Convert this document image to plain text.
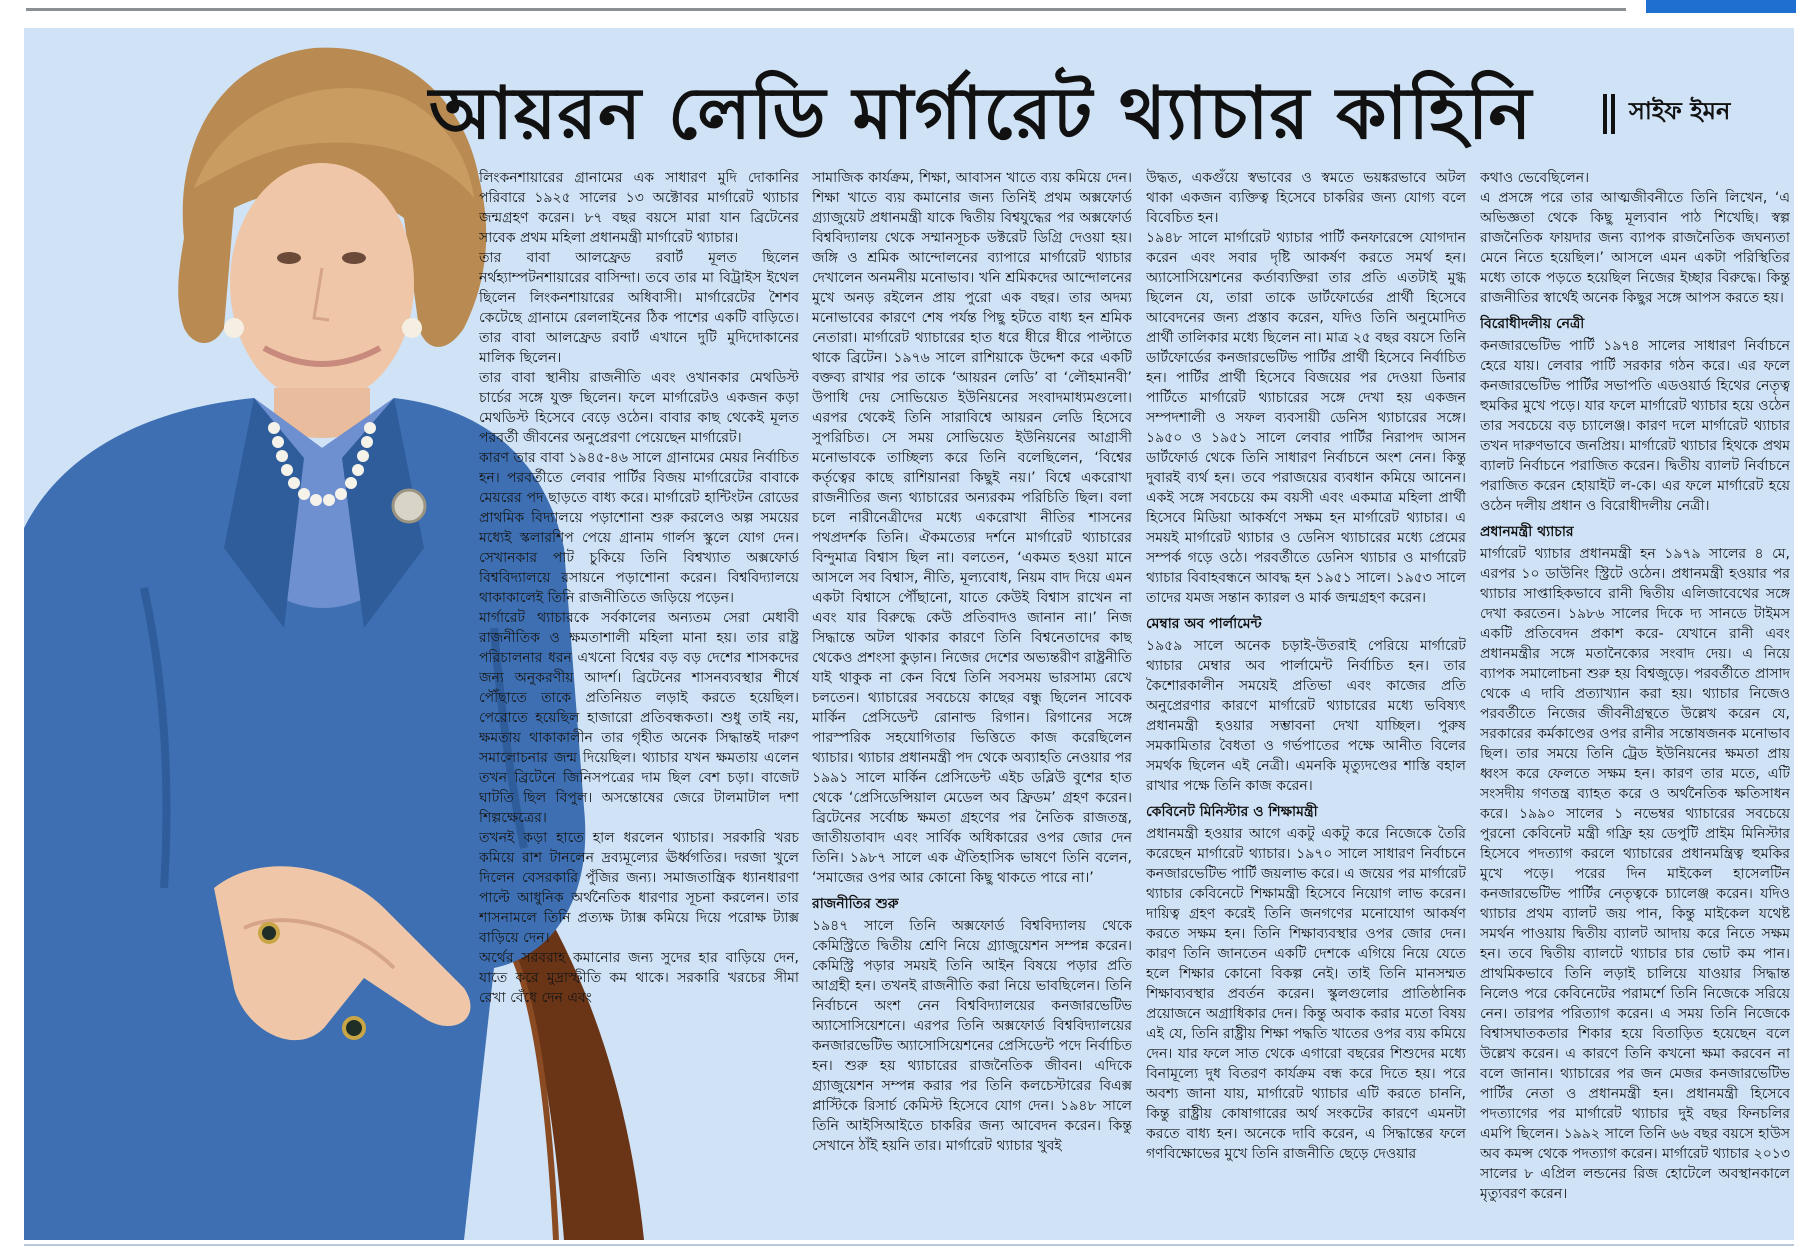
আয়রন লেডি মার্গারেট থ্যাচার কাহিনি	সাইফ ইমন

লিংকনশায়ারের গ্রানামের এক সাধারণ মুদি দোকানির পরিবারে ১৯২৫ সালের ১৩ অক্টোবর মার্গারেট থ্যাচার জন্মগ্রহণ করেন। ৮৭ বছর বয়সে মারা যান ব্রিটেনের সাবেক প্রথম মহিলা প্রধানমন্ত্রী মার্গারেট থ্যাচার।

তার বাবা আলফ্রেড রবার্ট মূলত ছিলেন নর্থহ্যাম্পটনশায়ারের বাসিন্দা। তবে তার মা বিট্রাইস ইথেল ছিলেন লিংকনশায়ারের অধিবাসী। মার্গারেটের শৈশব কেটেছে গ্রানামে রেললাইনের ঠিক পাশের একটি বাড়িতে। তার বাবা আলফ্রেড রবার্ট এখানে দুটি মুদিদোকানের মালিক ছিলেন।

তার বাবা স্থানীয় রাজনীতি এবং ওখানকার মেথডিস্ট চার্চের সঙ্গে যুক্ত ছিলেন। ফলে মার্গারেটও একজন কড়া মেথডিস্ট হিসেবে বেড়ে ওঠেন। বাবার কাছ থেকেই মূলত পরবর্তী জীবনের অনুপ্রেরণা পেয়েছেন মার্গারেট।

কারণ তার বাবা ১৯৪৫-৪৬ সালে গ্রানামের মেয়র নির্বাচিত হন। পরবর্তীতে লেবার পার্টির বিজয় মার্গারেটের বাবাকে মেয়রের পদ ছাড়তে বাধ্য করে। মার্গারেট হান্টিংটন রোডের প্রাথমিক বিদ্যালয়ে পড়াশোনা শুরু করলেও অল্প সময়ের মধ্যেই স্কলারশিপ পেয়ে গ্রানাম গার্লস স্কুলে যোগ দেন। সেখানকার পাট চুকিয়ে তিনি বিশ্বখ্যাত অক্সফোর্ড বিশ্ববিদ্যালয়ে রসায়নে পড়াশোনা করেন। বিশ্ববিদ্যালয়ে থাকাকালেই তিনি রাজনীতিতে জড়িয়ে পড়েন।

মার্গারেট থ্যাচারকে সর্বকালের অন্যতম সেরা মেধাবী রাজনীতিক ও ক্ষমতাশালী মহিলা মানা হয়। তার রাষ্ট্র পরিচালনার ধরন এখনো বিশ্বের বড় বড় দেশের শাসকদের জন্য অনুকরণীয় আদর্শ। ব্রিটেনের শাসনব্যবস্থার শীর্ষে পৌঁছাতে তাকে প্রতিনিয়ত লড়াই করতে হয়েছিল। পেরোতে হয়েছিল হাজারো প্রতিবন্ধকতা। শুধু তাই নয়, ক্ষমতায় থাকাকালীন তার গৃহীত অনেক সিদ্ধান্তই দারুণ সমালোচনার জন্ম দিয়েছিল। থ্যাচার যখন ক্ষমতায় এলেন তখন ব্রিটেনে জিনিসপত্রের দাম ছিল বেশ চড়া। বাজেট ঘাটতি ছিল বিপুল। অসন্তোষের জেরে টালমাটাল দশা শিল্পক্ষেত্রের।

তখনই কড়া হাতে হাল ধরলেন থ্যাচার। সরকারি খরচ কমিয়ে রাশ টানলেন দ্রব্যমূল্যের ঊর্ধ্বগতির। দরজা খুলে দিলেন বেসরকারি পুঁজির জন্য। সমাজতান্ত্রিক ধ্যানধারণা পাল্টে আধুনিক অর্থনৈতিক ধারণার সূচনা করলেন। তার শাসনামলে তিনি প্রত্যক্ষ ট্যাক্স কমিয়ে দিয়ে পরোক্ষ ট্যাক্স বাড়িয়ে দেন।

অর্থের সরবরাহ কমানোর জন্য সুদের হার বাড়িয়ে দেন, যাতে করে মুদ্রাস্ফীতি কম থাকে। সরকারি খরচের সীমা রেখা বেঁধে দেন এবং

সামাজিক কার্যক্রম, শিক্ষা, আবাসন খাতে ব্যয় কমিয়ে দেন। শিক্ষা খাতে ব্যয় কমানোর জন্য তিনিই প্রথম অক্সফোর্ড গ্র্যাজুয়েট প্রধানমন্ত্রী যাকে দ্বিতীয় বিশ্বযুদ্ধের পর অক্সফোর্ড বিশ্ববিদ্যালয় থেকে সম্মানসূচক ডক্টরেট ডিগ্রি দেওয়া হয়। জঙ্গি ও শ্রমিক আন্দোলনের ব্যাপারে মার্গারেট থ্যাচার দেখালেন অনমনীয় মনোভাব। খনি শ্রমিকদের আন্দোলনের মুখে অনড় রইলেন প্রায় পুরো এক বছর। তার অদম্য মনোভাবের কারণে শেষ পর্যন্ত পিছু হটতে বাধ্য হন শ্রমিক নেতারা। মার্গারেট থ্যাচারের হাত ধরে ধীরে ধীরে পাল্টাতে থাকে ব্রিটেন। ১৯৭৬ সালে রাশিয়াকে উদ্দেশ করে একটি বক্তব্য রাখার পর তাকে ‘আয়রন লেডি’ বা ‘লৌহমানবী’ উপাধি দেয় সোভিয়েত ইউনিয়নের সংবাদমাধ্যমগুলো। এরপর থেকেই তিনি সারাবিশ্বে আয়রন লেডি হিসেবে সুপরিচিত। সে সময় সোভিয়েত ইউনিয়নের আগ্রাসী মনোভাবকে তাচ্ছিল্য করে তিনি বলেছিলেন, ‘বিশ্বের কর্তৃত্বের কাছে রাশিয়ানরা কিছুই নয়।’ বিশ্বে একরোখা রাজনীতির জন্য থ্যাচারের অন্যরকম পরিচিতি ছিল। বলা চলে নারীনেত্রীদের মধ্যে একরোখা নীতির শাসনের পথপ্রদর্শক তিনি। ঐকমত্যের দর্শনে মার্গারেট থ্যাচারের বিন্দুমাত্র বিশ্বাস ছিল না। বলতেন, ‘একমত হওয়া মানে আসলে সব বিশ্বাস, নীতি, মূল্যবোধ, নিয়ম বাদ দিয়ে এমন একটা বিশ্বাসে পৌঁছানো, যাতে কেউই বিশ্বাস রাখেন না এবং যার বিরুদ্ধে কেউ প্রতিবাদও জানান না।’ নিজ সিদ্ধান্তে অটল থাকার কারণে তিনি বিশ্বনেতাদের কাছ থেকেও প্রশংসা কুড়ান। নিজের দেশের অভ্যন্তরীণ রাষ্ট্রনীতি যাই থাকুক না কেন বিশ্বে তিনি সবসময় ভারসাম্য রেখে চলতেন। থ্যাচারের সবচেয়ে কাছের বন্ধু ছিলেন সাবেক মার্কিন প্রেসিডেন্ট রোনাল্ড রিগান। রিগানের সঙ্গে পারস্পরিক সহযোগিতার ভিত্তিতে কাজ করেছিলেন থ্যাচার। থ্যাচার প্রধানমন্ত্রী পদ থেকে অব্যাহতি নেওয়ার পর ১৯৯১ সালে মার্কিন প্রেসিডেন্ট এইচ ডব্লিউ বুশের হাত থেকে ‘প্রেসিডেন্সিয়াল মেডেল অব ফ্রিডম’ গ্রহণ করেন। ব্রিটেনের সর্বোচ্চ ক্ষমতা গ্রহণের পর নৈতিক রাজতন্ত্র, জাতীয়তাবাদ এবং সার্বিক অধিকারের ওপর জোর দেন তিনি। ১৯৮৭ সালে এক ঐতিহাসিক ভাষণে তিনি বলেন, ‘সমাজের ওপর আর কোনো কিছু থাকতে পারে না।’

রাজনীতির শুরু

১৯৪৭ সালে তিনি অক্সফোর্ড বিশ্ববিদ্যালয় থেকে কেমিস্ট্রিতে দ্বিতীয় শ্রেণি নিয়ে গ্র্যাজুয়েশন সম্পন্ন করেন। কেমিস্ট্রি পড়ার সময়ই তিনি আইন বিষয়ে পড়ার প্রতি আগ্রহী হন। তখনই রাজনীতি করা নিয়ে ভাবছিলেন। তিনি নির্বাচনে অংশ নেন বিশ্ববিদ্যালয়ের কনজারভেটিভ অ্যাসোসিয়েশনে। এরপর তিনি অক্সফোর্ড বিশ্ববিদ্যালয়ের কনজারভেটিভ অ্যাসোসিয়েশনের প্রেসিডেন্ট পদে নির্বাচিত হন। শুরু হয় থ্যাচারের রাজনৈতিক জীবন। এদিকে গ্র্যাজুয়েশন সম্পন্ন করার পর তিনি কলচেস্টারের বিএক্স প্লাস্টিকে রিসার্চ কেমিস্ট হিসেবে যোগ দেন। ১৯৪৮ সালে তিনি আইসিআইতে চাকরির জন্য আবেদন করেন। কিন্তু সেখানে ঠাঁই হয়নি তার। মার্গারেট থ্যাচার খুবই

উদ্ধত, একগুঁয়ে স্বভাবের ও স্বমতে ভয়ঙ্করভাবে অটল থাকা একজন ব্যক্তিত্ব হিসেবে চাকরির জন্য যোগ্য বলে বিবেচিত হন।

১৯৪৮ সালে মার্গারেট থ্যাচার পার্টি কনফারেন্সে যোগদান করেন এবং সবার দৃষ্টি আকর্ষণ করতে সমর্থ হন। অ্যাসোসিয়েশনের কর্তাব্যক্তিরা তার প্রতি এতটাই মুগ্ধ ছিলেন যে, তারা তাকে ডার্টফোর্ডের প্রার্থী হিসেবে আবেদনের জন্য প্রস্তাব করেন, যদিও তিনি অনুমোদিত প্রার্থী তালিকার মধ্যে ছিলেন না। মাত্র ২৫ বছর বয়সে তিনি ডার্টফোর্ডের কনজারভেটিভ পার্টির প্রার্থী হিসেবে নির্বাচিত হন। পার্টির প্রার্থী হিসেবে বিজয়ের পর দেওয়া ডিনার পার্টিতে মার্গারেট থ্যাচারের সঙ্গে দেখা হয় একজন সম্পদশালী ও সফল ব্যবসায়ী ডেনিস থ্যাচারের সঙ্গে। ১৯৫০ ও ১৯৫১ সালে লেবার পার্টির নিরাপদ আসন ডার্টফোর্ড থেকে তিনি সাধারণ নির্বাচনে অংশ নেন। কিন্তু দুবারই ব্যর্থ হন। তবে পরাজয়ের ব্যবধান কমিয়ে আনেন। একই সঙ্গে সবচেয়ে কম বয়সী এবং একমাত্র মহিলা প্রার্থী হিসেবে মিডিয়া আকর্ষণে সক্ষম হন মার্গারেট থ্যাচার। এ সময়ই মার্গারেট থ্যাচার ও ডেনিস থ্যাচারের মধ্যে প্রেমের সম্পর্ক গড়ে ওঠে। পরবর্তীতে ডেনিস থ্যাচার ও মার্গারেট থ্যাচার বিবাহবন্ধনে আবদ্ধ হন ১৯৫১ সালে। ১৯৫৩ সালে তাদের যমজ সন্তান ক্যারল ও মার্ক জন্মগ্রহণ করেন।

মেম্বার অব পার্লামেন্ট

১৯৫৯ সালে অনেক চড়াই-উতরাই পেরিয়ে মার্গারেট থ্যাচার মেম্বার অব পার্লামেন্ট নির্বাচিত হন। তার কৈশোরকালীন সময়েই প্রতিভা এবং কাজের প্রতি অনুপ্রেরণার কারণে মার্গারেট থ্যাচারের মধ্যে ভবিষ্যৎ প্রধানমন্ত্রী হওয়ার সম্ভাবনা দেখা যাচ্ছিল। পুরুষ সমকামিতার বৈধতা ও গর্ভপাতের পক্ষে আনীত বিলের সমর্থক ছিলেন এই নেত্রী। এমনকি মৃত্যুদণ্ডের শাস্তি বহাল রাখার পক্ষে তিনি কাজ করেন।

কেবিনেট মিনিস্টার ও শিক্ষামন্ত্রী

প্রধানমন্ত্রী হওয়ার আগে একটু একটু করে নিজেকে তৈরি করেছেন মার্গারেট থ্যাচার। ১৯৭০ সালে সাধারণ নির্বাচনে কনজারভেটিভ পার্টি জয়লাভ করে। এ জয়ের পর মার্গারেট থ্যাচার কেবিনেটে শিক্ষামন্ত্রী হিসেবে নিয়োগ লাভ করেন। দায়িত্ব গ্রহণ করেই তিনি জনগণের মনোযোগ আকর্ষণ করতে সক্ষম হন। তিনি শিক্ষাব্যবস্থার ওপর জোর দেন। কারণ তিনি জানতেন একটি দেশকে এগিয়ে নিয়ে যেতে হলে শিক্ষার কোনো বিকল্প নেই। তাই তিনি মানসম্মত শিক্ষাব্যবস্থার প্রবর্তন করেন। স্কুলগুলোর প্রাতিষ্ঠানিক প্রয়োজনে অগ্রাধিকার দেন। কিন্তু অবাক করার মতো বিষয় এই যে, তিনি রাষ্ট্রীয় শিক্ষা পদ্ধতি খাতের ওপর ব্যয় কমিয়ে দেন। যার ফলে সাত থেকে এগারো বছরের শিশুদের মধ্যে বিনামূল্যে দুধ বিতরণ কার্যক্রম বন্ধ করে দিতে হয়। পরে অবশ্য জানা যায়, মার্গারেট থ্যাচার এটি করতে চাননি, কিন্তু রাষ্ট্রীয় কোষাগারের অর্থ সংকটের কারণে এমনটা করতে বাধ্য হন। অনেকে দাবি করেন, এ সিদ্ধান্তের ফলে গণবিক্ষোভের মুখে তিনি রাজনীতি ছেড়ে দেওয়ার

কথাও ভেবেছিলেন।

এ প্রসঙ্গে পরে তার আত্মজীবনীতে তিনি লিখেন, ‘এ অভিজ্ঞতা থেকে কিছু মূল্যবান পাঠ শিখেছি। স্বল্প রাজনৈতিক ফায়দার জন্য ব্যাপক রাজনৈতিক জঘন্যতা মেনে নিতে হয়েছিল।’ আসলে এমন একটা পরিস্থিতির মধ্যে তাকে পড়তে হয়েছিল নিজের ইচ্ছার বিরুদ্ধে। কিন্তু রাজনীতির স্বার্থেই অনেক কিছুর সঙ্গে আপস করতে হয়।

বিরোধীদলীয় নেত্রী

কনজারভেটিভ পার্টি ১৯৭৪ সালের সাধারণ নির্বাচনে হেরে যায়। লেবার পার্টি সরকার গঠন করে। এর ফলে কনজারভেটিভ পার্টির সভাপতি এডওয়ার্ড হিথের নেতৃত্ব হুমকির মুখে পড়ে। যার ফলে মার্গারেট থ্যাচার হয়ে ওঠেন তার সবচেয়ে বড় চ্যালেঞ্জ। কারণ দলে মার্গারেট থ্যাচার তখন দারুণভাবে জনপ্রিয়। মার্গারেট থ্যাচার হিথকে প্রথম ব্যালট নির্বাচনে পরাজিত করেন। দ্বিতীয় ব্যালট নির্বাচনে পরাজিত করেন হোয়াইট ল-কে। এর ফলে মার্গারেট হয়ে ওঠেন দলীয় প্রধান ও বিরোধীদলীয় নেত্রী।

প্রধানমন্ত্রী থ্যাচার

মার্গারেট থ্যাচার প্রধানমন্ত্রী হন ১৯৭৯ সালের ৪ মে, এরপর ১০ ডাউনিং স্ট্রিটে ওঠেন। প্রধানমন্ত্রী হওয়ার পর থ্যাচার সাপ্তাহিকভাবে রানী দ্বিতীয় এলিজাবেথের সঙ্গে দেখা করতেন। ১৯৮৬ সালের দিকে দ্য সানডে টাইমস একটি প্রতিবেদন প্রকাশ করে- যেখানে রানী এবং প্রধানমন্ত্রীর সঙ্গে মতানৈক্যের সংবাদ দেয়। এ নিয়ে ব্যাপক সমালোচনা শুরু হয় বিশ্বজুড়ে। পরবর্তীতে প্রাসাদ থেকে এ দাবি প্রত্যাখ্যান করা হয়। থ্যাচার নিজেও পরবর্তীতে নিজের জীবনীগ্রন্থতে উল্লেখ করেন যে, সরকারের কর্মকাণ্ডের ওপর রানীর সন্তোষজনক মনোভাব ছিল। তার সময়ে তিনি ট্রেড ইউনিয়নের ক্ষমতা প্রায় ধ্বংস করে ফেলতে সক্ষম হন। কারণ তার মতে, এটি সংসদীয় গণতন্ত্র ব্যাহত করে ও অর্থনৈতিক ক্ষতিসাধন করে। ১৯৯০ সালের ১ নভেম্বর থ্যাচারের সবচেয়ে পুরনো কেবিনেট মন্ত্রী গফ্রি হয় ডেপুটি প্রাইম মিনিস্টার হিসেবে পদত্যাগ করলে থ্যাচারের প্রধানমন্ত্রিত্ব হুমকির মুখে পড়ে। পরের দিন মাইকেল হাসেলটিন কনজারভেটিভ পার্টির নেতৃত্বকে চ্যালেঞ্জ করেন। যদিও থ্যাচার প্রথম ব্যালট জয় পান, কিন্তু মাইকেল যথেষ্ট সমর্থন পাওয়ায় দ্বিতীয় ব্যালট আদায় করে নিতে সক্ষম হন। তবে দ্বিতীয় ব্যালটে থ্যাচার চার ভোট কম পান। প্রাথমিকভাবে তিনি লড়াই চালিয়ে যাওয়ার সিদ্ধান্ত নিলেও পরে কেবিনেটের পরামর্শে তিনি নিজেকে সরিয়ে নেন। তারপর পরিত্যাগ করেন। এ সময় তিনি নিজেকে বিশ্বাসঘাতকতার শিকার হয়ে বিতাড়িত হয়েছেন বলে উল্লেখ করেন। এ কারণে তিনি কখনো ক্ষমা করবেন না বলে জানান। থ্যাচারের পর জন মেজর কনজারভেটিভ পার্টির নেতা ও প্রধানমন্ত্রী হন। প্রধানমন্ত্রী হিসেবে পদত্যাগের পর মার্গারেট থ্যাচার দুই বছর ফিনচলির এমপি ছিলেন। ১৯৯২ সালে তিনি ৬৬ বছর বয়সে হাউস অব কমন্স থেকে পদত্যাগ করেন। মার্গারেট থ্যাচার ২০১৩ সালের ৮ এপ্রিল লন্ডনের রিজ হোটেলে অবস্থানকালে মৃত্যুবরণ করেন।
